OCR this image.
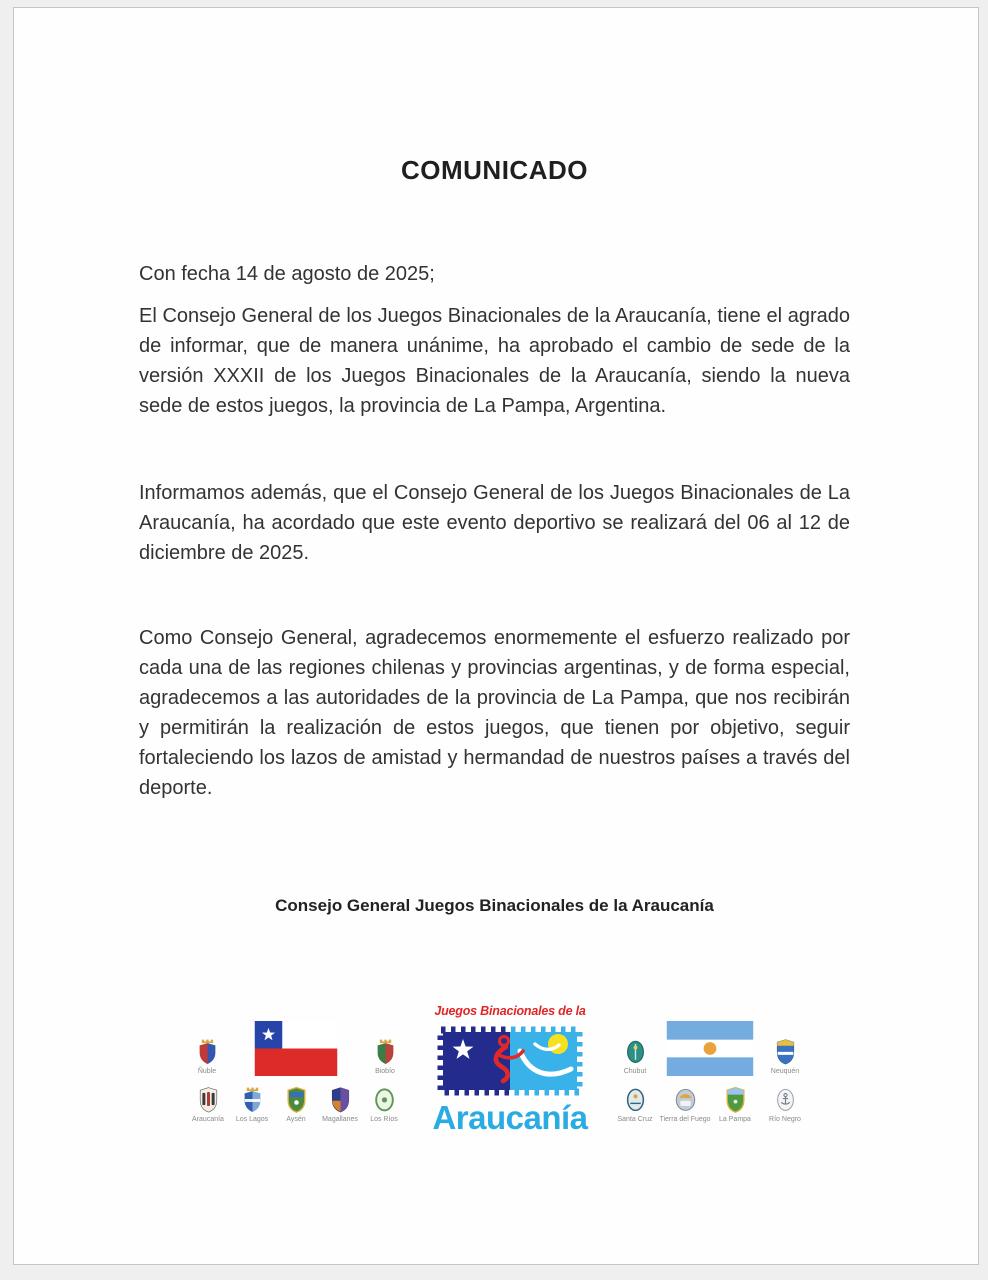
COMUNICADO

Con fecha 14 de agosto de 2025;

El Consejo General de los Juegos Binacionales de la Araucanía, tiene el agrado de informar, que de manera unánime, ha aprobado el cambio de sede de la versión XXXII de los Juegos Binacionales de la Araucanía, siendo la nueva sede de estos juegos, la provincia de La Pampa, Argentina.

Informamos además, que el Consejo General de los Juegos Binacionales de La Araucanía, ha acordado que este evento deportivo se realizará del 06 al 12 de diciembre de 2025.

Como Consejo General, agradecemos enormemente el esfuerzo realizado por cada una de las regiones chilenas y provincias argentinas, y de forma especial, agradecemos a las autoridades de la provincia de La Pampa, que nos recibirán y permitirán la realización de estos juegos, que tienen por objetivo, seguir fortaleciendo los lazos de amistad y hermandad de nuestros países a través del deporte.

Consejo General Juegos Binacionales de la Araucanía

Ñuble	Biobío
Araucanía Los Lagos	Aysén Magallanes Los Ríos
Juegos Binacionales de la
Araucanía
Chubut	Neuquén
Santa Cruz Tierra del Fuego La Pampa	Río Negro
